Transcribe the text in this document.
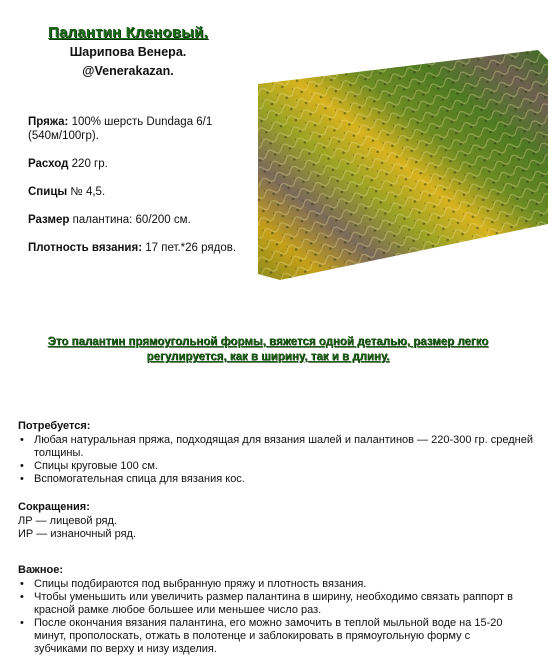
Палантин Кленовый.
Шарипова Венера.
@Venerakazan.
Пряжа: 100% шерсть Dundaga 6/1 (540м/100гр).
Расход 220 гр.
Спицы № 4,5.
Размер палантина: 60/200 см.
Плотность вязания: 17 пет.*26 рядов.
Это палантин прямоугольной формы, вяжется одной деталью, размер легко регулируется, как в ширину, так и в длину.
Потребуется:
• Любая натуральная пряжа, подходящая для вязания шалей и палантинов — 220-300 гр. средней толщины.
• Спицы круговые 100 см.
• Вспомогательная спица для вязания кос.
Сокращения:
ЛР — лицевой ряд.
ИР — изнаночный ряд.
Важное:
• Спицы подбираются под выбранную пряжу и плотность вязания.
• Чтобы уменьшить или увеличить размер палантина в ширину, необходимо связать раппорт в красной рамке любое большее или меньшее число раз.
• После окончания вязания палантина, его можно замочить в теплой мыльной воде на 15-20 минут, прополоскать, отжать в полотенце и заблокировать в прямоугольную форму с зубчиками по верху и низу изделия.
